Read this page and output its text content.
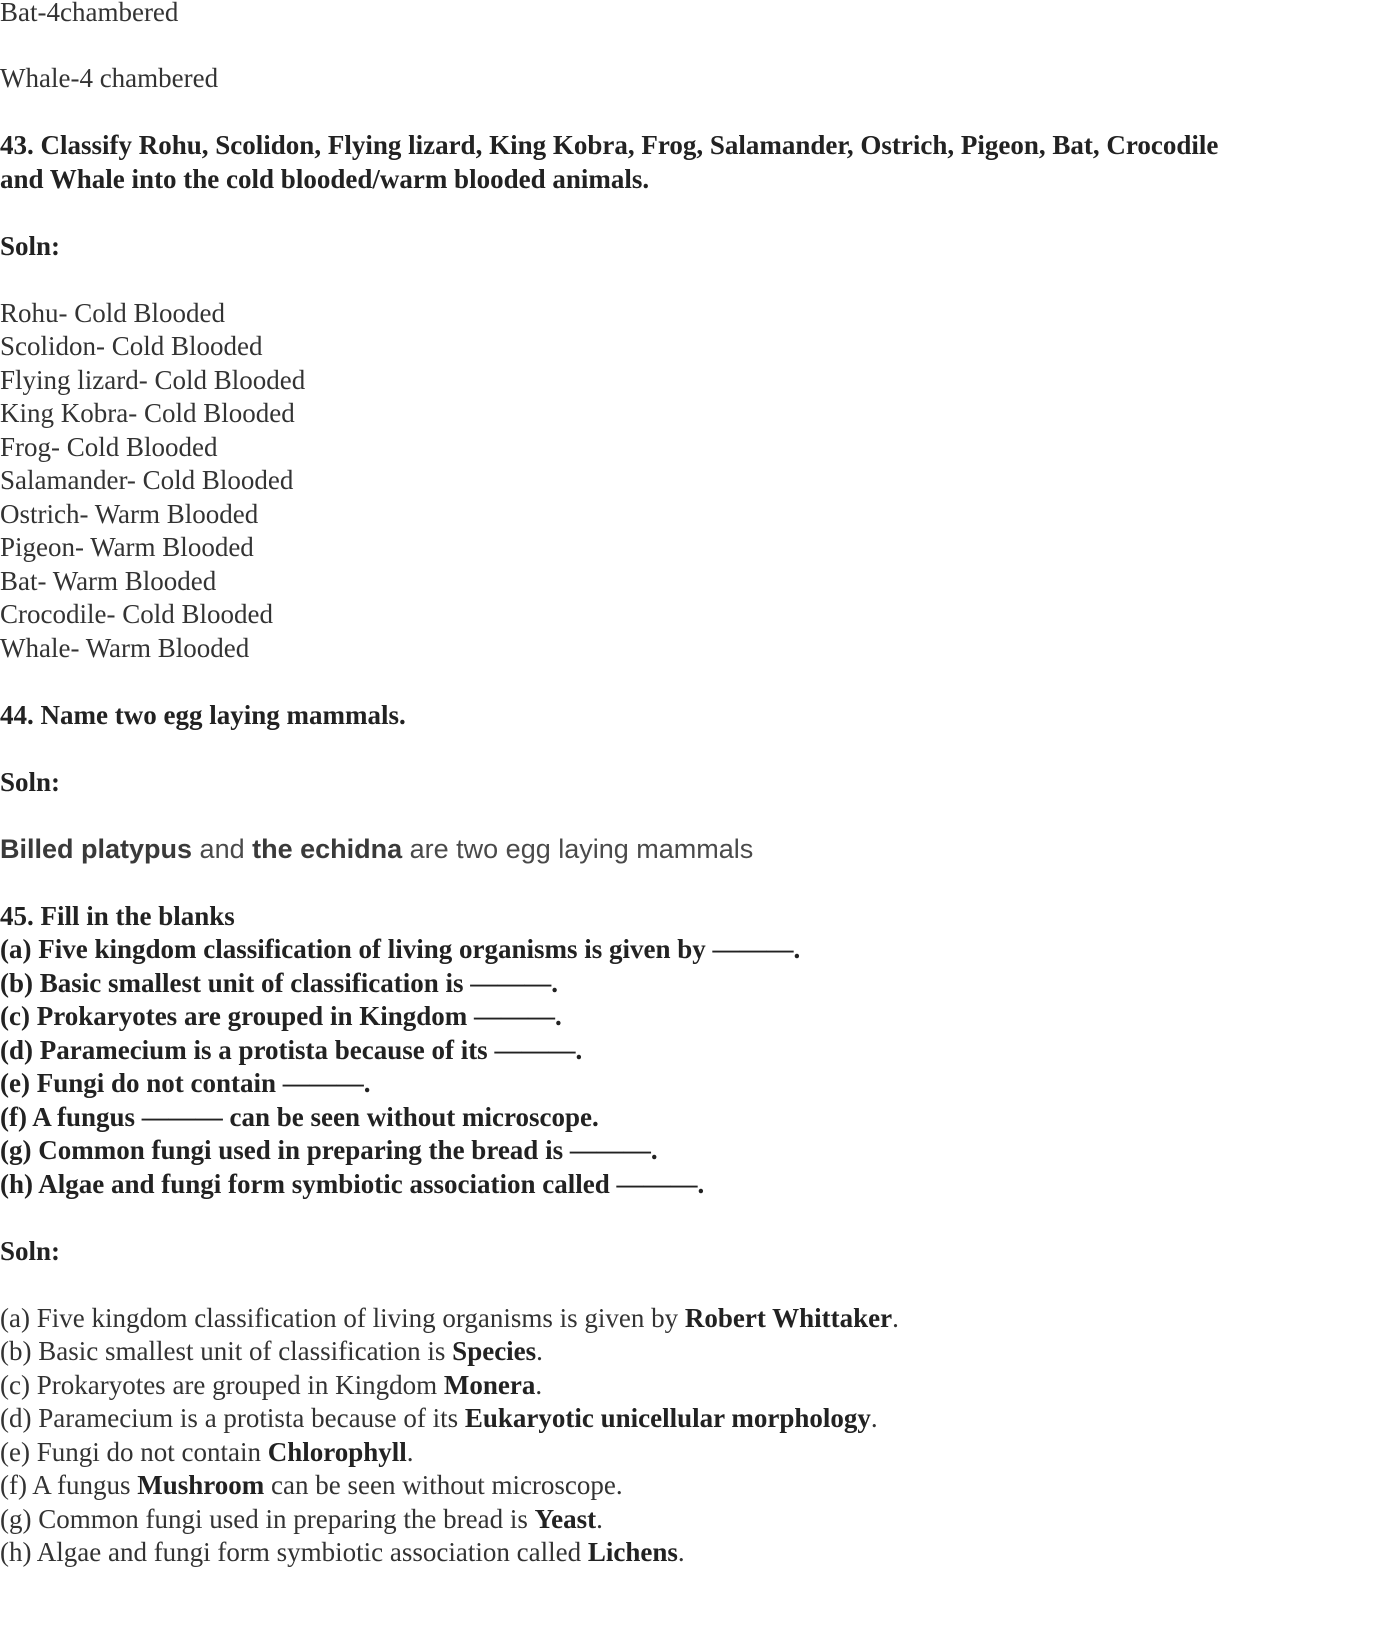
Bat-4chambered
Whale-4 chambered
43. Classify Rohu, Scolidon, Flying lizard, King Kobra, Frog, Salamander, Ostrich, Pigeon, Bat, Crocodile
and Whale into the cold blooded/warm blooded animals.
Soln:
Rohu- Cold Blooded
Scolidon- Cold Blooded
Flying lizard- Cold Blooded
King Kobra- Cold Blooded
Frog- Cold Blooded
Salamander- Cold Blooded
Ostrich- Warm Blooded
Pigeon- Warm Blooded
Bat- Warm Blooded
Crocodile- Cold Blooded
Whale- Warm Blooded
44. Name two egg laying mammals.
Soln:
Billed platypus and the echidna are two egg laying mammals
45. Fill in the blanks
(a) Five kingdom classification of living organisms is given by ———.
(b) Basic smallest unit of classification is ———.
(c) Prokaryotes are grouped in Kingdom ———.
(d) Paramecium is a protista because of its ———.
(e) Fungi do not contain ———.
(f) A fungus ——— can be seen without microscope.
(g) Common fungi used in preparing the bread is ———.
(h) Algae and fungi form symbiotic association called ———.
Soln:
(a) Five kingdom classification of living organisms is given by Robert Whittaker.
(b) Basic smallest unit of classification is Species.
(c) Prokaryotes are grouped in Kingdom Monera.
(d) Paramecium is a protista because of its Eukaryotic unicellular morphology.
(e) Fungi do not contain Chlorophyll.
(f) A fungus Mushroom can be seen without microscope.
(g) Common fungi used in preparing the bread is Yeast.
(h) Algae and fungi form symbiotic association called Lichens.
